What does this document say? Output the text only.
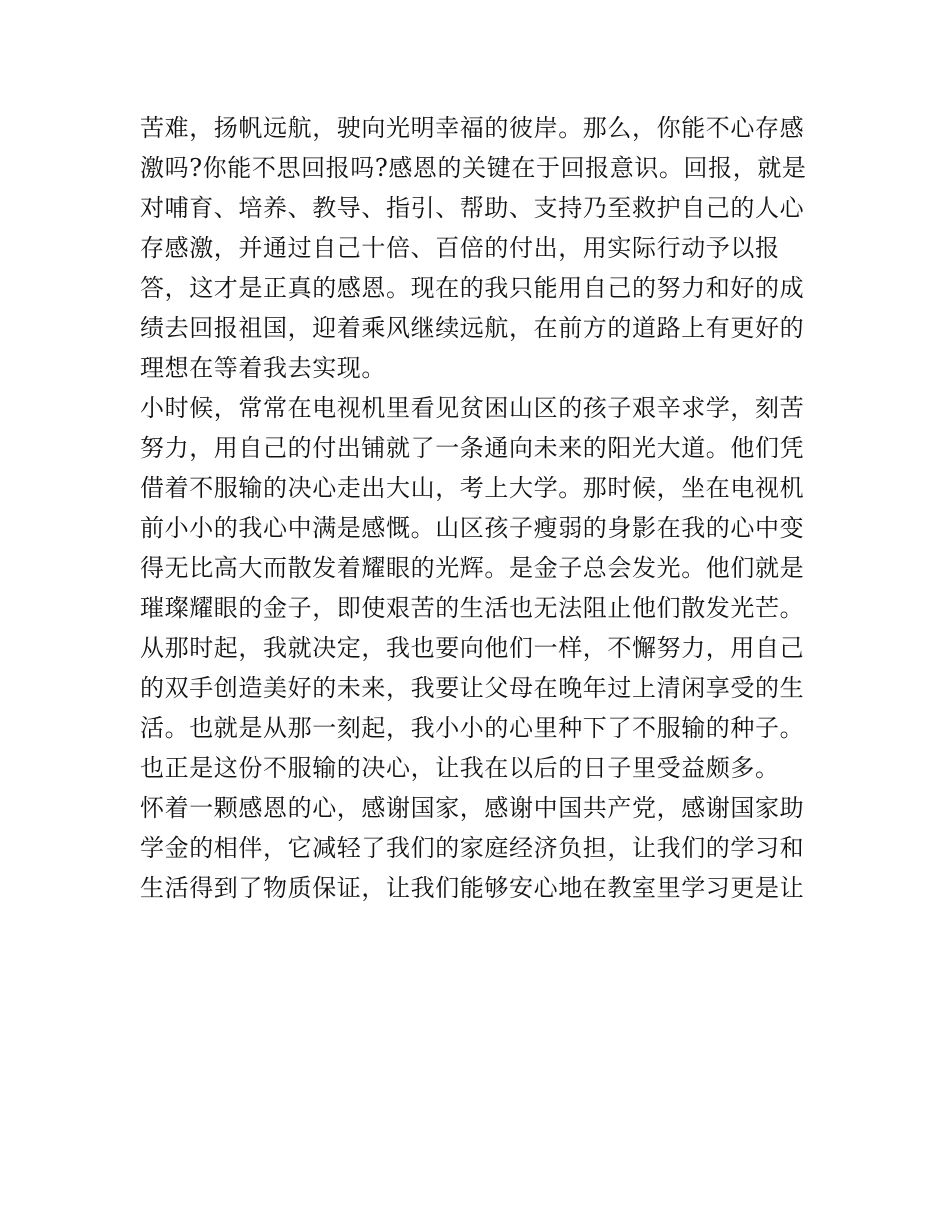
苦难，扬帆远航，驶向光明幸福的彼岸。那么，你能不心存感
激吗?你能不思回报吗?感恩的关键在于回报意识。回报，就是
对哺育、培养、教导、指引、帮助、支持乃至救护自己的人心
存感激，并通过自己十倍、百倍的付出，用实际行动予以报
答，这才是正真的感恩。现在的我只能用自己的努力和好的成
绩去回报祖国，迎着乘风继续远航，在前方的道路上有更好的
理想在等着我去实现。
小时候，常常在电视机里看见贫困山区的孩子艰辛求学，刻苦
努力，用自己的付出铺就了一条通向未来的阳光大道。他们凭
借着不服输的决心走出大山，考上大学。那时候，坐在电视机
前小小的我心中满是感慨。山区孩子瘦弱的身影在我的心中变
得无比高大而散发着耀眼的光辉。是金子总会发光。他们就是
璀璨耀眼的金子，即使艰苦的生活也无法阻止他们散发光芒。
从那时起，我就决定，我也要向他们一样，不懈努力，用自己
的双手创造美好的未来，我要让父母在晚年过上清闲享受的生
活。也就是从那一刻起，我小小的心里种下了不服输的种子。
也正是这份不服输的决心，让我在以后的日子里受益颇多。
怀着一颗感恩的心，感谢国家，感谢中国共产党，感谢国家助
学金的相伴，它减轻了我们的家庭经济负担，让我们的学习和
生活得到了物质保证，让我们能够安心地在教室里学习更是让
